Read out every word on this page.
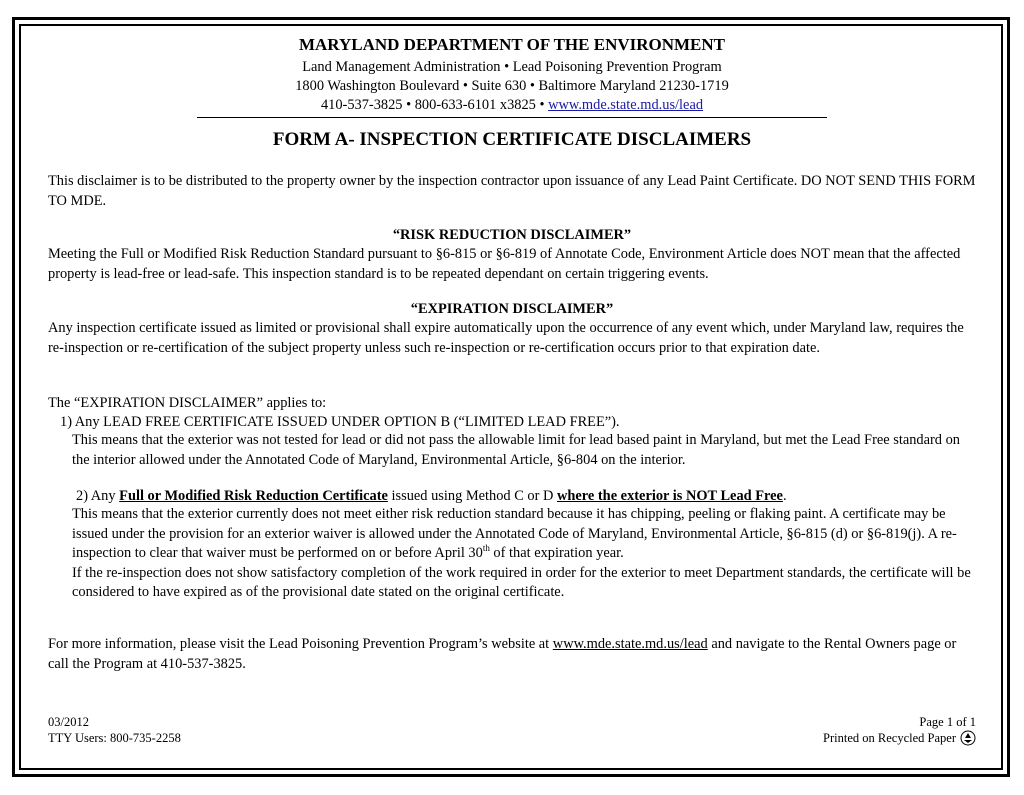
MARYLAND DEPARTMENT OF THE ENVIRONMENT
Land Management Administration • Lead Poisoning Prevention Program
1800 Washington Boulevard • Suite 630 • Baltimore Maryland 21230-1719
410-537-3825 • 800-633-6101 x3825 • www.mde.state.md.us/lead
FORM A- INSPECTION CERTIFICATE DISCLAIMERS
This disclaimer is to be distributed to the property owner by the inspection contractor upon issuance of any Lead Paint Certificate. DO NOT SEND THIS FORM TO MDE.
“RISK REDUCTION DISCLAIMER”
Meeting the Full or Modified Risk Reduction Standard pursuant to §6-815 or §6-819 of Annotate Code, Environment Article does NOT mean that the affected property is lead-free or lead-safe. This inspection standard is to be repeated dependant on certain triggering events.
“EXPIRATION DISCLAIMER”
Any inspection certificate issued as limited or provisional shall expire automatically upon the occurrence of any event which, under Maryland law, requires the re-inspection or re-certification of the subject property unless such re-inspection or re-certification occurs prior to that expiration date.
The “EXPIRATION DISCLAIMER” applies to:
1) Any LEAD FREE CERTIFICATE ISSUED UNDER OPTION B (“LIMITED LEAD FREE”).
This means that the exterior was not tested for lead or did not pass the allowable limit for lead based paint in Maryland, but met the Lead Free standard on the interior allowed under the Annotated Code of Maryland, Environmental Article, §6-804 on the interior.
2) Any Full or Modified Risk Reduction Certificate issued using Method C or D where the exterior is NOT Lead Free.
This means that the exterior currently does not meet either risk reduction standard because it has chipping, peeling or flaking paint. A certificate may be issued under the provision for an exterior waiver is allowed under the Annotated Code of Maryland, Environmental Article, §6-815 (d) or §6-819(j). A re-inspection to clear that waiver must be performed on or before April 30th of that expiration year.
If the re-inspection does not show satisfactory completion of the work required in order for the exterior to meet Department standards, the certificate will be considered to have expired as of the provisional date stated on the original certificate.
For more information, please visit the Lead Poisoning Prevention Program’s website at www.mde.state.md.us/lead and navigate to the Rental Owners page or call the Program at 410-537-3825.
03/2012
TTY Users: 800-735-2258
Page 1 of 1
Printed on Recycled Paper
